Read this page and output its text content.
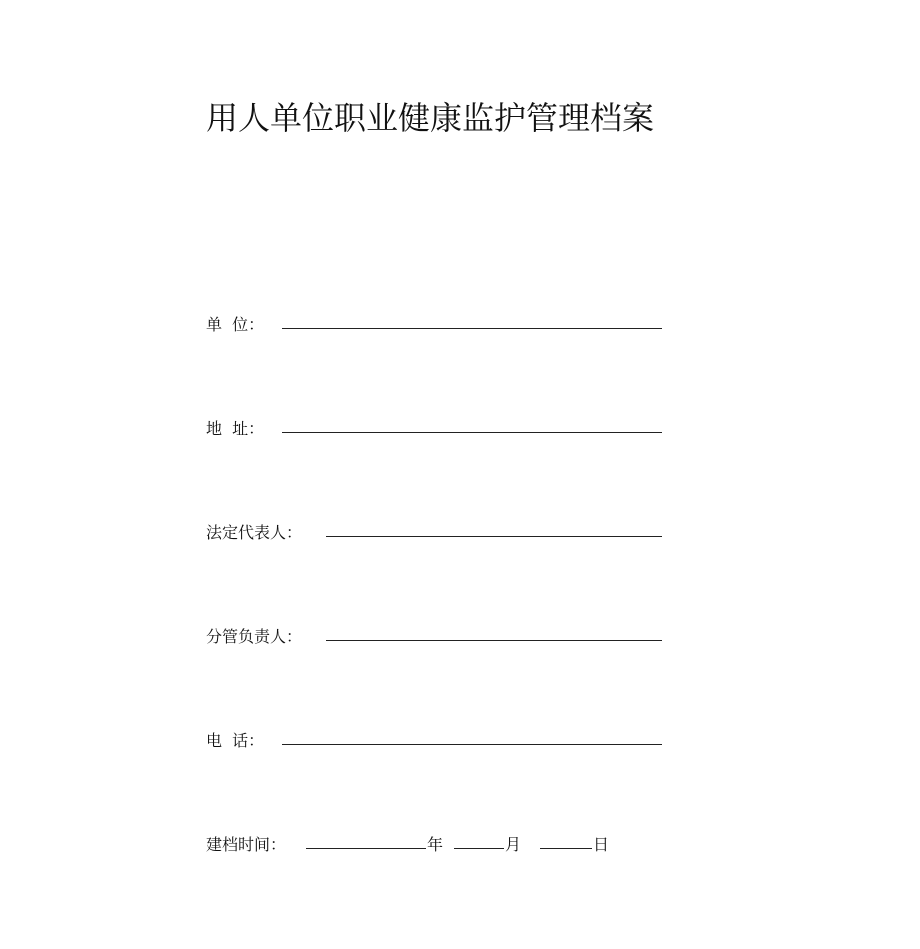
用人单位职业健康监护管理档案
单  位：
地  址：
法定代表人：
分管负责人：
电  话：
建档时间：	年	月	日
